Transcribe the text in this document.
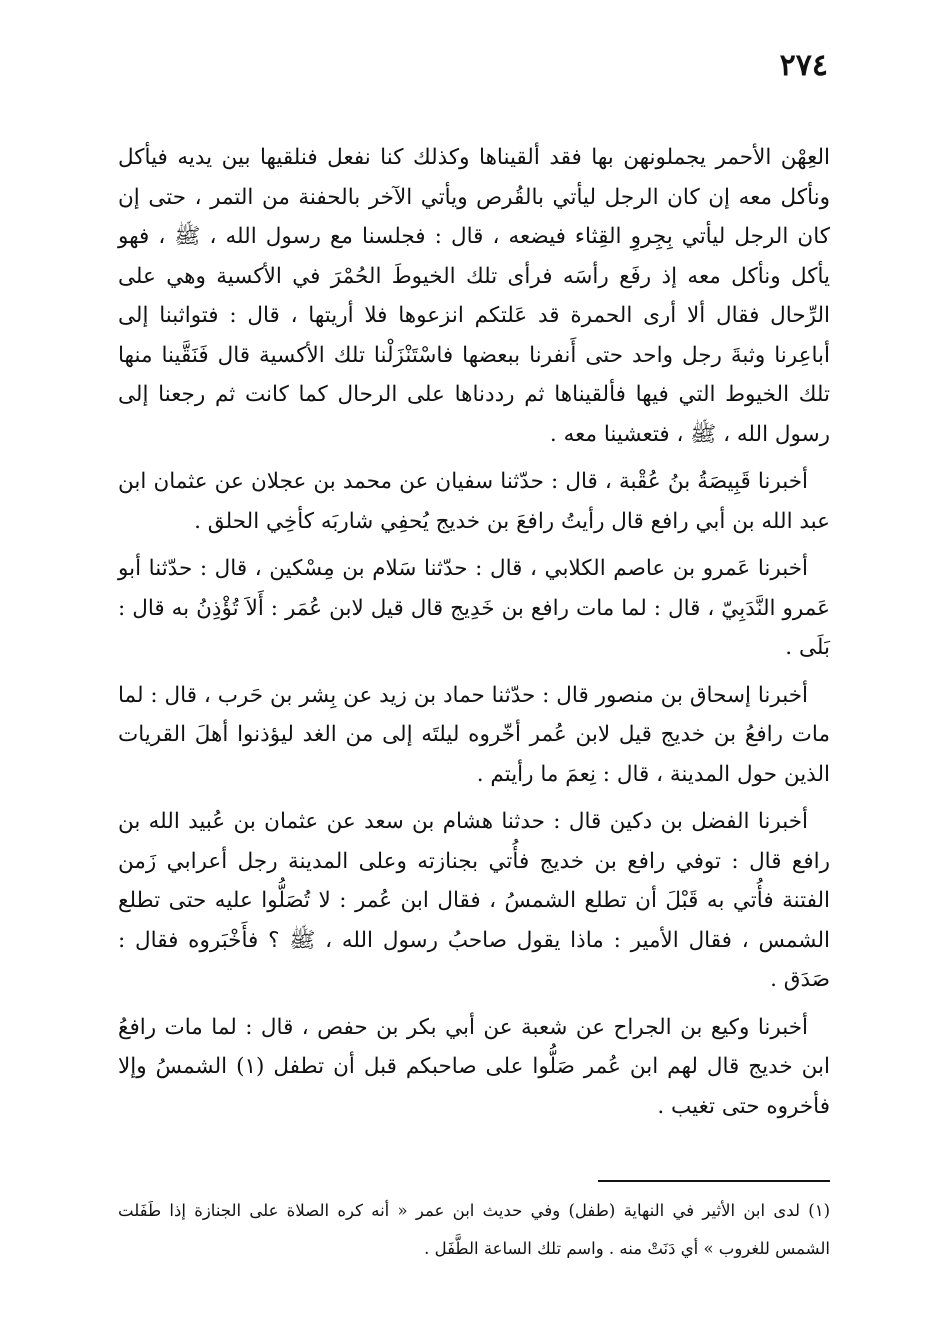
٢٧٤

العِهْن الأحمر يجملونهن بها فقد ألقيناها وكذلك كنا نفعل فنلقيها بين يديه فيأكل ونأكل معه إن كان الرجل ليأتي بالقُرص ويأتي الآخر بالحفنة من التمر ، حتى إن كان الرجل ليأتي بِجِروِ القِثاء فيضعه ، قال : فجلسنا مع رسول الله ، ﷺ ، فهو يأكل ونأكل معه إذ رفَع رأسَه فرأى تلك الخيوطَ الحُمْرَ في الأكسية وهي على الرِّحال فقال ألا أرى الحمرة قد عَلتكم انزعوها فلا أريتها ، قال : فتواثبنا إلى أباعِرنا وثبةَ رجل واحد حتى أَنفرنا ببعضها فاسْتَنْزَلْنا تلك الأكسية قال فَنَقَّينا منها تلك الخيوط التي فيها فألقيناها ثم رددناها على الرحال كما كانت ثم رجعنا إلى رسول الله ، ﷺ ، فتعشينا معه .

أخبرنا قَبِيصَةُ بنُ عُقْبة ، قال : حدّثنا سفيان عن محمد بن عجلان عن عثمان ابن عبد الله بن أبي رافع قال رأيتُ رافعَ بن خديج يُحفِي شاربَه كأخِي الحلق .

أخبرنا عَمرو بن عاصم الكلابي ، قال : حدّثنا سَلام بن مِسْكين ، قال : حدّثنا أبو عَمرو النَّدَبِيّ ، قال : لما مات رافع بن خَدِيج قال قيل لابن عُمَر : أَلاَ تُؤْذِنُ به قال : بَلَى .

أخبرنا إسحاق بن منصور قال : حدّثنا حماد بن زيد عن بِشر بن حَرب ، قال : لما مات رافعُ بن خديج قيل لابن عُمر أخّروه ليلتَه إلى من الغد ليؤذنوا أهلَ القريات الذين حول المدينة ، قال : نِعمَ ما رأيتم .

أخبرنا الفضل بن دكين قال : حدثنا هشام بن سعد عن عثمان بن عُبيد الله بن رافع قال : توفي رافع بن خديج فأُتي بجنازته وعلى المدينة رجل أعرابي زَمن الفتنة فأُتي به قَبْلَ أن تطلع الشمسُ ، فقال ابن عُمر : لا تُصَلُّوا عليه حتى تطلع الشمس ، فقال الأمير : ماذا يقول صاحبُ رسول الله ، ﷺ ؟ فأَخْبَروه فقال : صَدَق .

أخبرنا وكيع بن الجراح عن شعبة عن أبي بكر بن حفص ، قال : لما مات رافعُ ابن خديج قال لهم ابن عُمر صَلُّوا على صاحبكم قبل أن تطفل (١) الشمسُ وإلا فأخروه حتى تغيب .

(١) لدى ابن الأثير في النهاية (طفل) وفي حديث ابن عمر « أنه كره الصلاة على الجنازة إذا طَفَلت الشمس للغروب » أي دَنَتْ منه . واسم تلك الساعة الطَّفَل .
